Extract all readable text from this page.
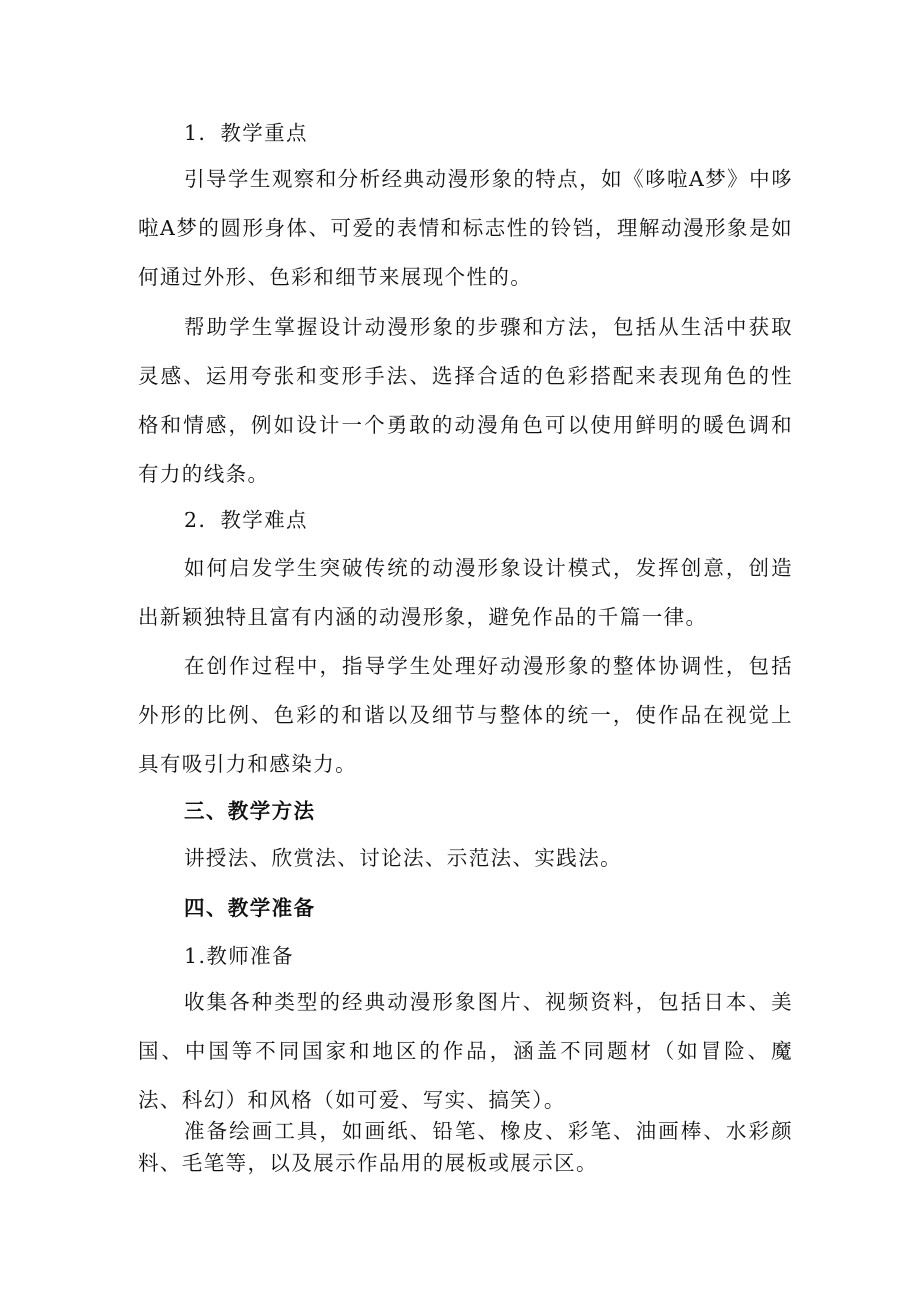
1．教学重点

引导学生观察和分析经典动漫形象的特点，如《哆啦A梦》中哆啦A梦的圆形身体、可爱的表情和标志性的铃铛，理解动漫形象是如何通过外形、色彩和细节来展现个性的。

帮助学生掌握设计动漫形象的步骤和方法，包括从生活中获取灵感、运用夸张和变形手法、选择合适的色彩搭配来表现角色的性格和情感，例如设计一个勇敢的动漫角色可以使用鲜明的暖色调和有力的线条。

2．教学难点

如何启发学生突破传统的动漫形象设计模式，发挥创意，创造出新颖独特且富有内涵的动漫形象，避免作品的千篇一律。

在创作过程中，指导学生处理好动漫形象的整体协调性，包括外形的比例、色彩的和谐以及细节与整体的统一，使作品在视觉上具有吸引力和感染力。

三、教学方法

讲授法、欣赏法、讨论法、示范法、实践法。

四、教学准备

1.教师准备

收集各种类型的经典动漫形象图片、视频资料，包括日本、美国、中国等不同国家和地区的作品，涵盖不同题材（如冒险、魔法、科幻）和风格（如可爱、写实、搞笑）。

准备绘画工具，如画纸、铅笔、橡皮、彩笔、油画棒、水彩颜料、毛笔等，以及展示作品用的展板或展示区。
